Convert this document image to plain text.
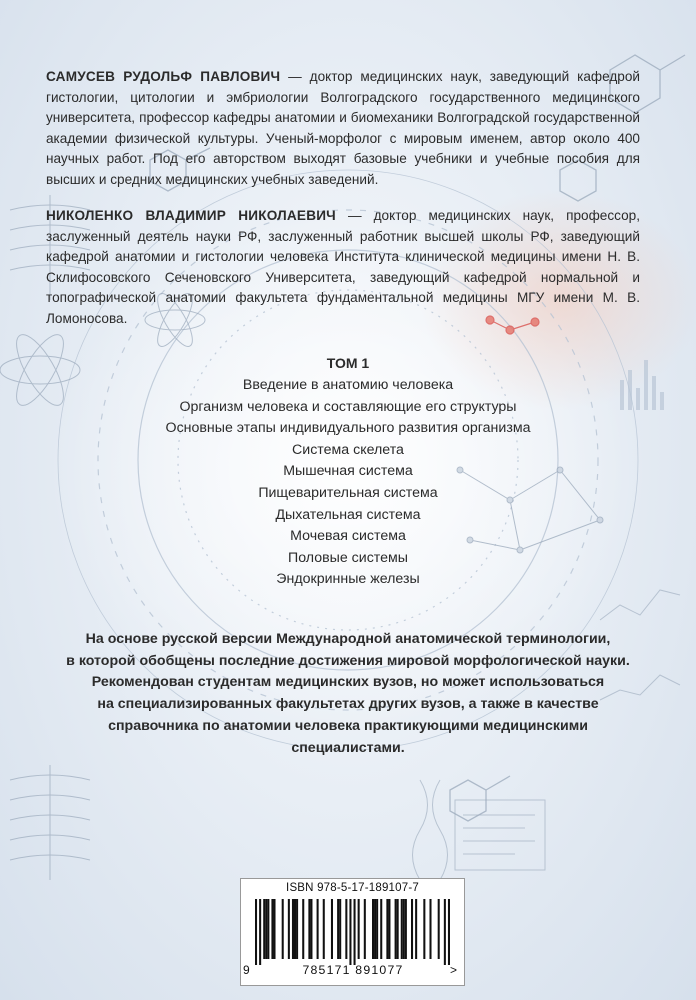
САМУСЕВ РУДОЛЬФ ПАВЛОВИЧ — доктор медицинских наук, заведующий кафедрой гистологии, цитологии и эмбриологии Волгоградского государственного медицинского университета, профессор кафедры анатомии и биомеханики Волгоградской государственной академии физической культуры. Ученый-морфолог с мировым именем, автор около 400 научных работ. Под его авторством выходят базовые учебники и учебные пособия для высших и средних медицинских учебных заведений.
НИКОЛЕНКО ВЛАДИМИР НИКОЛАЕВИЧ — доктор медицинских наук, профессор, заслуженный деятель науки РФ, заслуженный работник высшей школы РФ, заведующий кафедрой анатомии и гистологии человека Института клинической медицины имени Н. В. Склифосовского Сеченовского Университета, заведующий кафедрой нормальной и топографической анатомии факультета фундаментальной медицины МГУ имени М. В. Ломоносова.
ТОМ 1
Введение в анатомию человека
Организм человека и составляющие его структуры
Основные этапы индивидуального развития организма
Система скелета
Мышечная система
Пищеварительная система
Дыхательная система
Мочевая система
Половые системы
Эндокринные железы
На основе русской версии Международной анатомической терминологии,
в которой обобщены последние достижения мировой морфологической науки.
Рекомендован студентам медицинских вузов, но может использоваться
на специализированных факультетах других вузов, а также в качестве
справочника по анатомии человека практикующими медицинскими
специалистами.
ISBN 978-5-17-189107-7
9	785171 891077	>
